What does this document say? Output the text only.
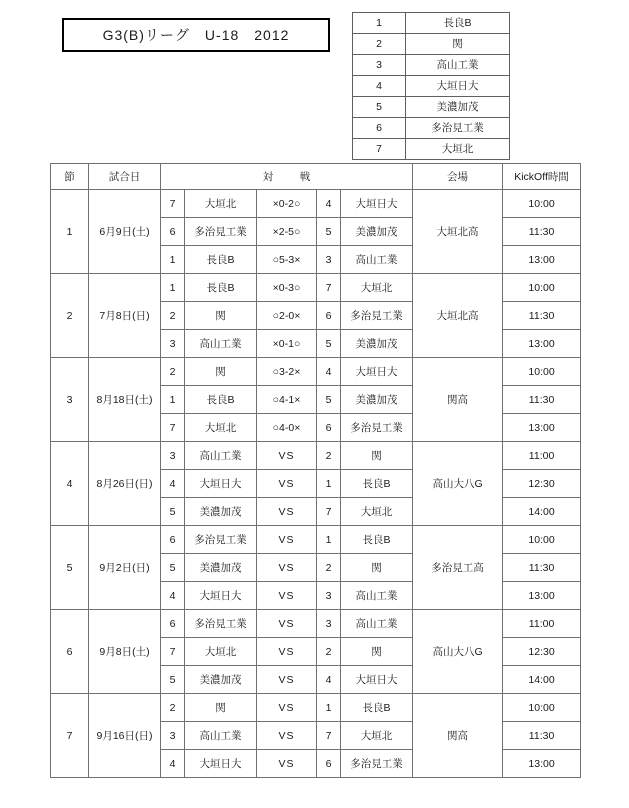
G3(B)リーグ　U-18　2012
1	長良B
2	関
3	高山工業
4	大垣日大
5	美濃加茂
6	多治見工業
7	大垣北
節	試合日	対　戦					会場	KickOff時間
1	6月9日(土)	7	大垣北	×0-2○	4	大垣日大	大垣北高	10:00
		6	多治見工業	×2-5○	5	美濃加茂		11:30
		1	長良B	○5-3×	3	高山工業		13:00
2	7月8日(日)	1	長良B	×0-3○	7	大垣北	大垣北高	10:00
		2	関	○2-0×	6	多治見工業		11:30
		3	高山工業	×0-1○	5	美濃加茂		13:00
3	8月18日(土)	2	関	○3-2×	4	大垣日大	関高	10:00
		1	長良B	○4-1×	5	美濃加茂		11:30
		7	大垣北	○4-0×	6	多治見工業		13:00
4	8月26日(日)	3	高山工業	VS	2	関	高山大八G	11:00
		4	大垣日大	VS	1	長良B		12:30
		5	美濃加茂	VS	7	大垣北		14:00
5	9月2日(日)	6	多治見工業	VS	1	長良B	多治見工高	10:00
		5	美濃加茂	VS	2	関		11:30
		4	大垣日大	VS	3	高山工業		13:00
6	9月8日(土)	6	多治見工業	VS	3	高山工業	高山大八G	11:00
		7	大垣北	VS	2	関		12:30
		5	美濃加茂	VS	4	大垣日大		14:00
7	9月16日(日)	2	関	VS	1	長良B	関高	10:00
		3	高山工業	VS	7	大垣北		11:30
		4	大垣日大	VS	6	多治見工業		13:00
